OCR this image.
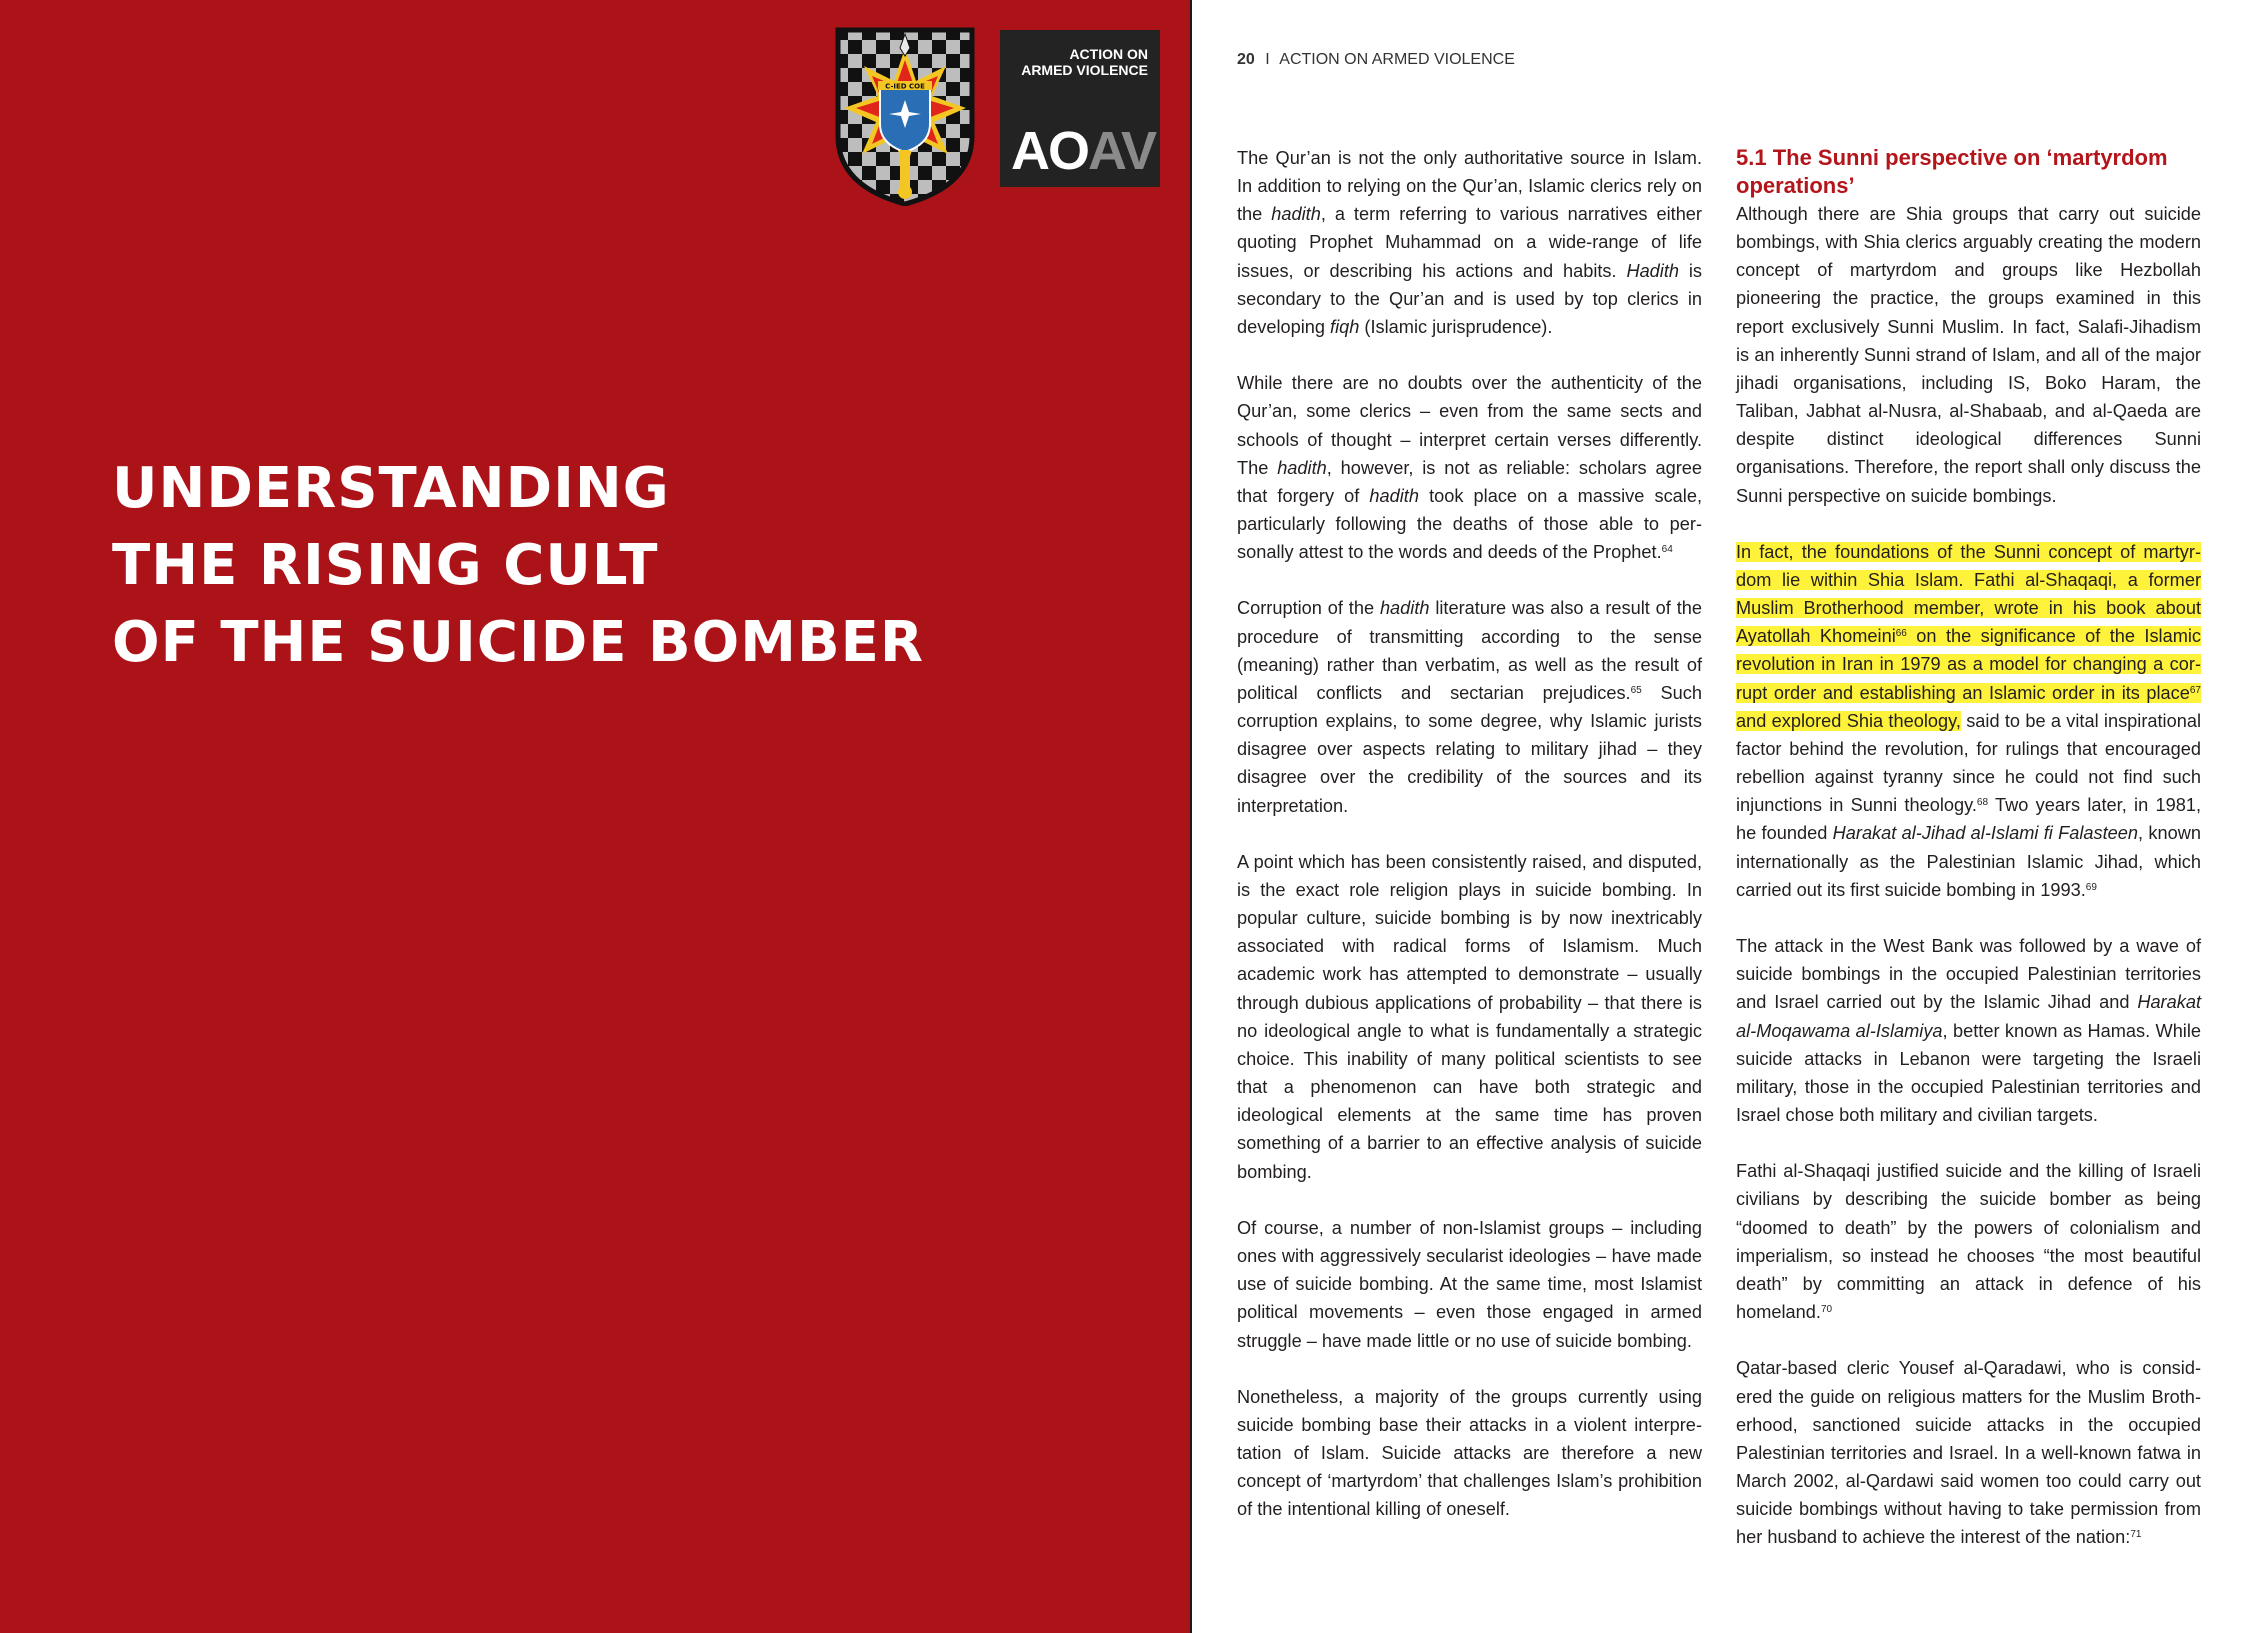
C-IED COE
ACTION ON
ARMED VIOLENCE
AOAV
UNDERSTANDING
THE RISING CULT
OF THE SUICIDE BOMBER
20 I ACTION ON ARMED VIOLENCE

The Qur’an is not the only authoritative source in Islam. In addition to relying on the Qur’an, Islamic clerics rely on the hadith, a term referring to various narratives either quoting Prophet Muhammad on a wide-range of life issues, or describing his actions and habits. Hadith is secondary to the Qur’an and is used by top clerics in developing fiqh (Islamic jurisprudence).

While there are no doubts over the authenticity of the Qur’an, some clerics – even from the same sects and schools of thought – interpret certain verses differently. The hadith, however, is not as reliable: scholars agree that forgery of hadith took place on a massive scale, particularly following the deaths of those able to personally attest to the words and deeds of the Prophet.$^{64}$

Corruption of the hadith literature was also a result of the procedure of transmitting according to the sense (meaning) rather than verbatim, as well as the result of political conflicts and sectarian prejudices.$^{65}$ Such corruption explains, to some degree, why Islamic jurists disagree over aspects relating to military jihad – they disagree over the credibility of the sources and its interpretation.

A point which has been consistently raised, and disputed, is the exact role religion plays in suicide bombing. In popular culture, suicide bombing is by now inextricably associated with radical forms of Islamism. Much academic work has attempted to demonstrate – usually through dubious applications of probability – that there is no ideological angle to what is fundamentally a strategic choice. This inability of many political scientists to see that a phenomenon can have both strategic and ideological elements at the same time has proven something of a barrier to an effective analysis of suicide bombing.

Of course, a number of non-Islamist groups – including ones with aggressively secularist ideologies – have made use of suicide bombing. At the same time, most Islamist political movements – even those engaged in armed struggle – have made little or no use of suicide bombing.

Nonetheless, a majority of the groups currently using suicide bombing base their attacks in a violent interpretation of Islam. Suicide attacks are therefore a new concept of ‘martyrdom’ that challenges Islam’s prohibition of the intentional killing of oneself.

5.1 The Sunni perspective on ‘martyrdom operations’

Although there are Shia groups that carry out suicide bombings, with Shia clerics arguably creating the modern concept of martyrdom and groups like Hezbollah pioneering the practice, the groups examined in this report exclusively Sunni Muslim. In fact, Salafi-Jihadism is an inherently Sunni strand of Islam, and all of the major jihadi organisations, including IS, Boko Haram, the Taliban, Jabhat al-Nusra, al-Shabaab, and al-Qaeda are despite distinct ideological differences Sunni organisations. Therefore, the report shall only discuss the Sunni perspective on suicide bombings.

In fact, the foundations of the Sunni concept of martyrdom lie within Shia Islam. Fathi al-Shaqaqi, a former Muslim Brotherhood member, wrote in his book about Ayatollah Khomeini$^{66}$ on the significance of the Islamic revolution in Iran in 1979 as a model for changing a corrupt order and establishing an Islamic order in its place$^{67}$ and explored Shia theology, said to be a vital inspirational factor behind the revolution, for rulings that encouraged rebellion against tyranny since he could not find such injunctions in Sunni theology.$^{68}$ Two years later, in 1981, he founded Harakat al-Jihad al-Islami fi Falasteen, known internationally as the Palestinian Islamic Jihad, which carried out its first suicide bombing in 1993.69

The attack in the West Bank was followed by a wave of suicide bombings in the occupied Palestinian territories and Israel carried out by the Islamic Jihad and Harakat al-Moqawama al-Islamiya, better known as Hamas. While suicide attacks in Lebanon were targeting the Israeli military, those in the occupied Palestinian territories and Israel chose both military and civilian targets.

Fathi al-Shaqaqi justified suicide and the killing of Israeli civilians by describing the suicide bomber as being “doomed to death” by the powers of colonialism and imperialism, so instead he chooses “the most beautiful death” by committing an attack in defence of his homeland.$^{70}$

Qatar-based cleric Yousef al-Qaradawi, who is considered the guide on religious matters for the Muslim Brotherhood, sanctioned suicide attacks in the occupied Palestinian territories and Israel. In a well-known fatwa in March 2002, al-Qardawi said women too could carry out suicide bombings without having to take permission from her husband to achieve the interest of the nation:$^{71}$
